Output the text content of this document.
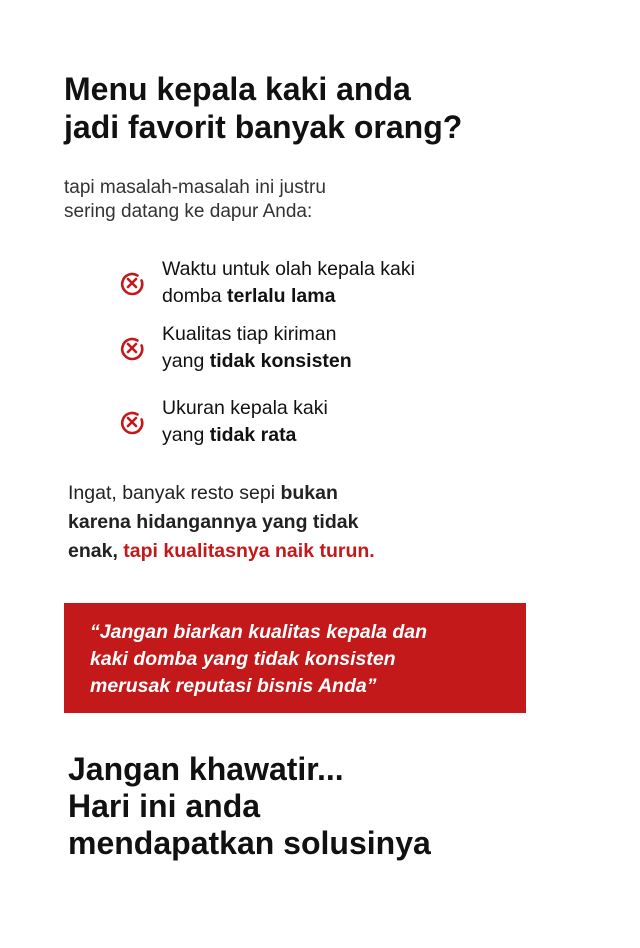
Menu kepala kaki anda
jadi favorit banyak orang?
tapi masalah-masalah ini justru
sering datang ke dapur Anda:
Waktu untuk olah kepala kaki
domba terlalu lama
Kualitas tiap kiriman
yang tidak konsisten
Ukuran kepala kaki
yang tidak rata
Ingat, banyak resto sepi bukan
karena hidangannya yang tidak
enak, tapi kualitasnya naik turun.
“Jangan biarkan kualitas kepala dan
kaki domba yang tidak konsisten
merusak reputasi bisnis Anda”
Jangan khawatir...
Hari ini anda
mendapatkan solusinya
